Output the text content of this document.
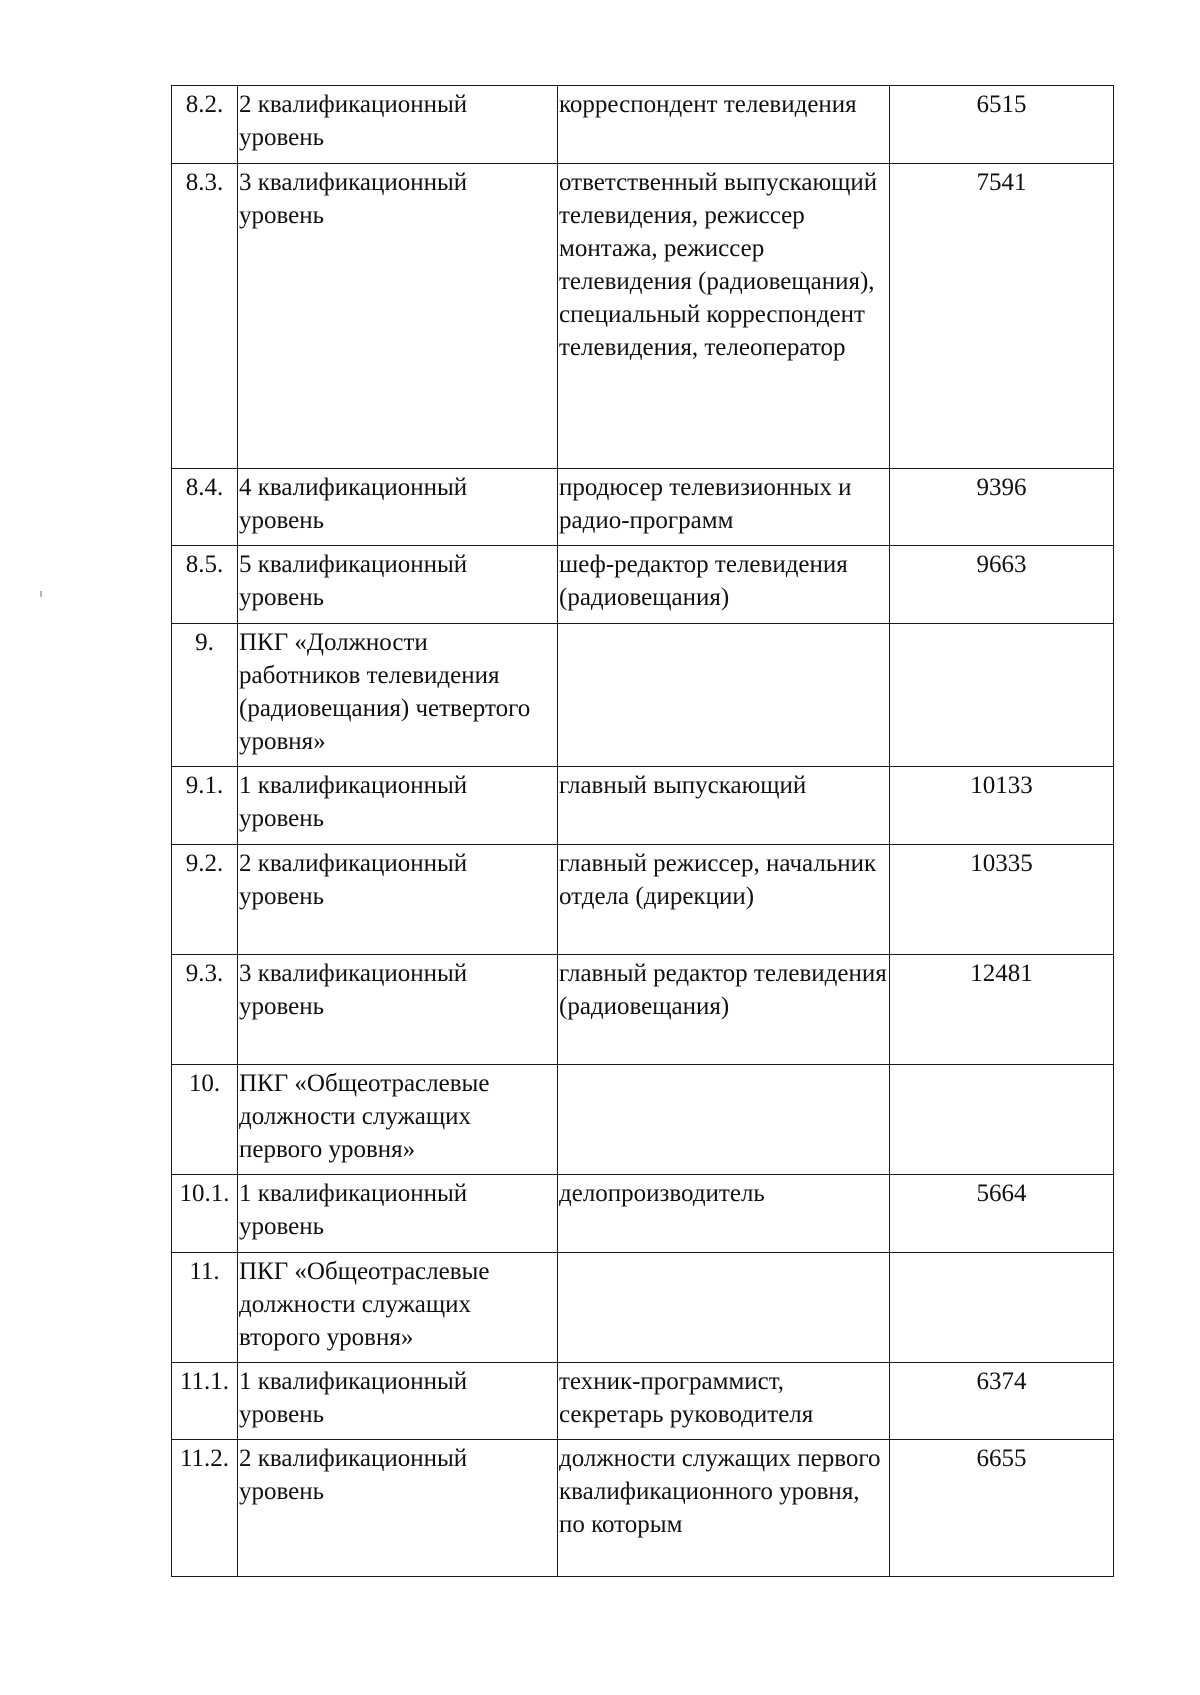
8.2.	2 квалификационный уровень	корреспондент телевидения	6515
8.3.	3 квалификационный уровень	ответственный выпускающий телевидения, режиссер монтажа, режиссер телевидения (радиовещания), специальный корреспондент телевидения, телеоператор	7541
8.4.	4 квалификационный уровень	продюсер телевизионных и радио-программ	9396
8.5.	5 квалификационный уровень	шеф-редактор телевидения (радиовещания)	9663
9.	ПКГ «Должности работников телевидения (радиовещания) четвертого уровня»		
9.1.	1 квалификационный уровень	главный выпускающий	10133
9.2.	2 квалификационный уровень	главный режиссер, начальник отдела (дирекции)	10335
9.3.	3 квалификационный уровень	главный редактор телевидения (радиовещания)	12481
10.	ПКГ «Общеотраслевые должности служащих первого уровня»		
10.1.	1 квалификационный уровень	делопроизводитель	5664
11.	ПКГ «Общеотраслевые должности служащих второго уровня»		
11.1.	1 квалификационный уровень	техник-программист, секретарь руководителя	6374
11.2.	2 квалификационный уровень	должности служащих первого квалификационного уровня, по которым	6655
